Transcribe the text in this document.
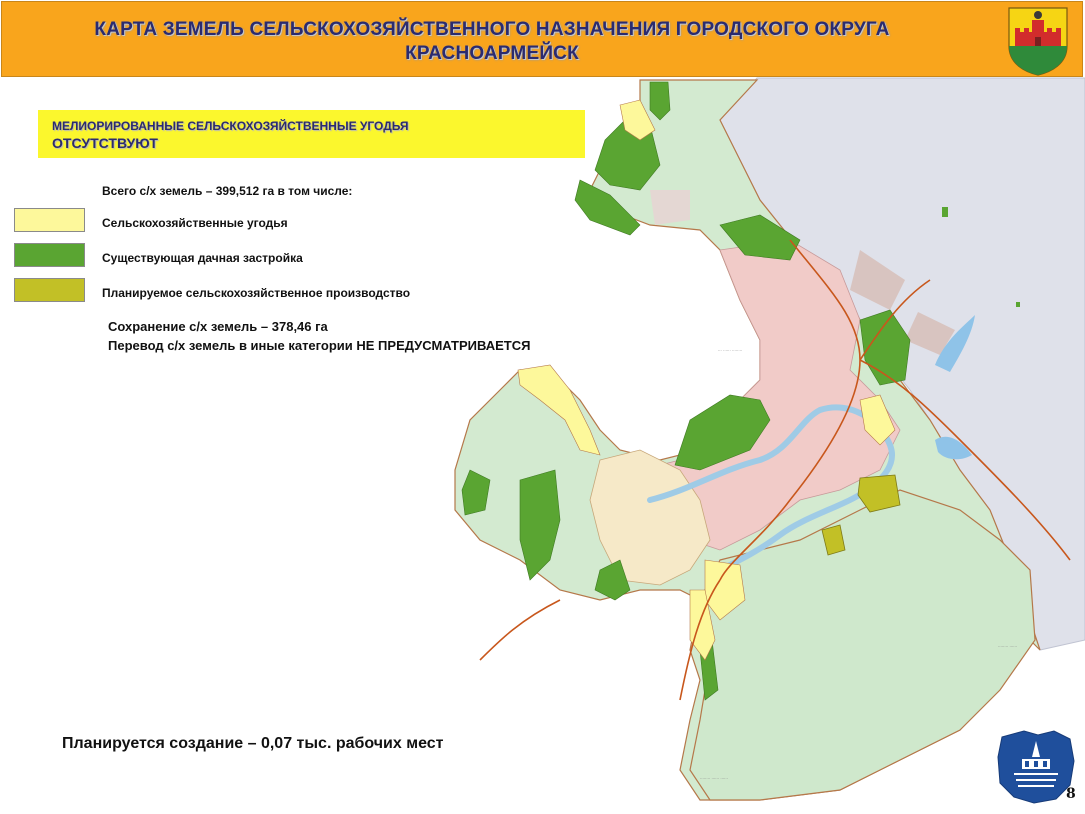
··· ······ ········
········ ······
········ ······ ······
КАРТА ЗЕМЕЛЬ СЕЛЬСКОХОЗЯЙСТВЕННОГО НАЗНАЧЕНИЯ ГОРОДСКОГО ОКРУГА
КРАСНОАРМЕЙСК
МЕЛИОРИРОВАННЫЕ СЕЛЬСКОХОЗЯЙСТВЕННЫЕ УГОДЬЯ
ОТСУТСТВУЮТ
Всего с/х земель – 399,512 га в том числе:
Сельскохозяйственные угодья
Существующая дачная застройка
Планируемое сельскохозяйственное производство
Сохранение с/х земель – 378,46 га
Перевод с/х земель в иные категории НЕ ПРЕДУСМАТРИВАЕТСЯ
Планируется создание – 0,07 тыс. рабочих мест
8
